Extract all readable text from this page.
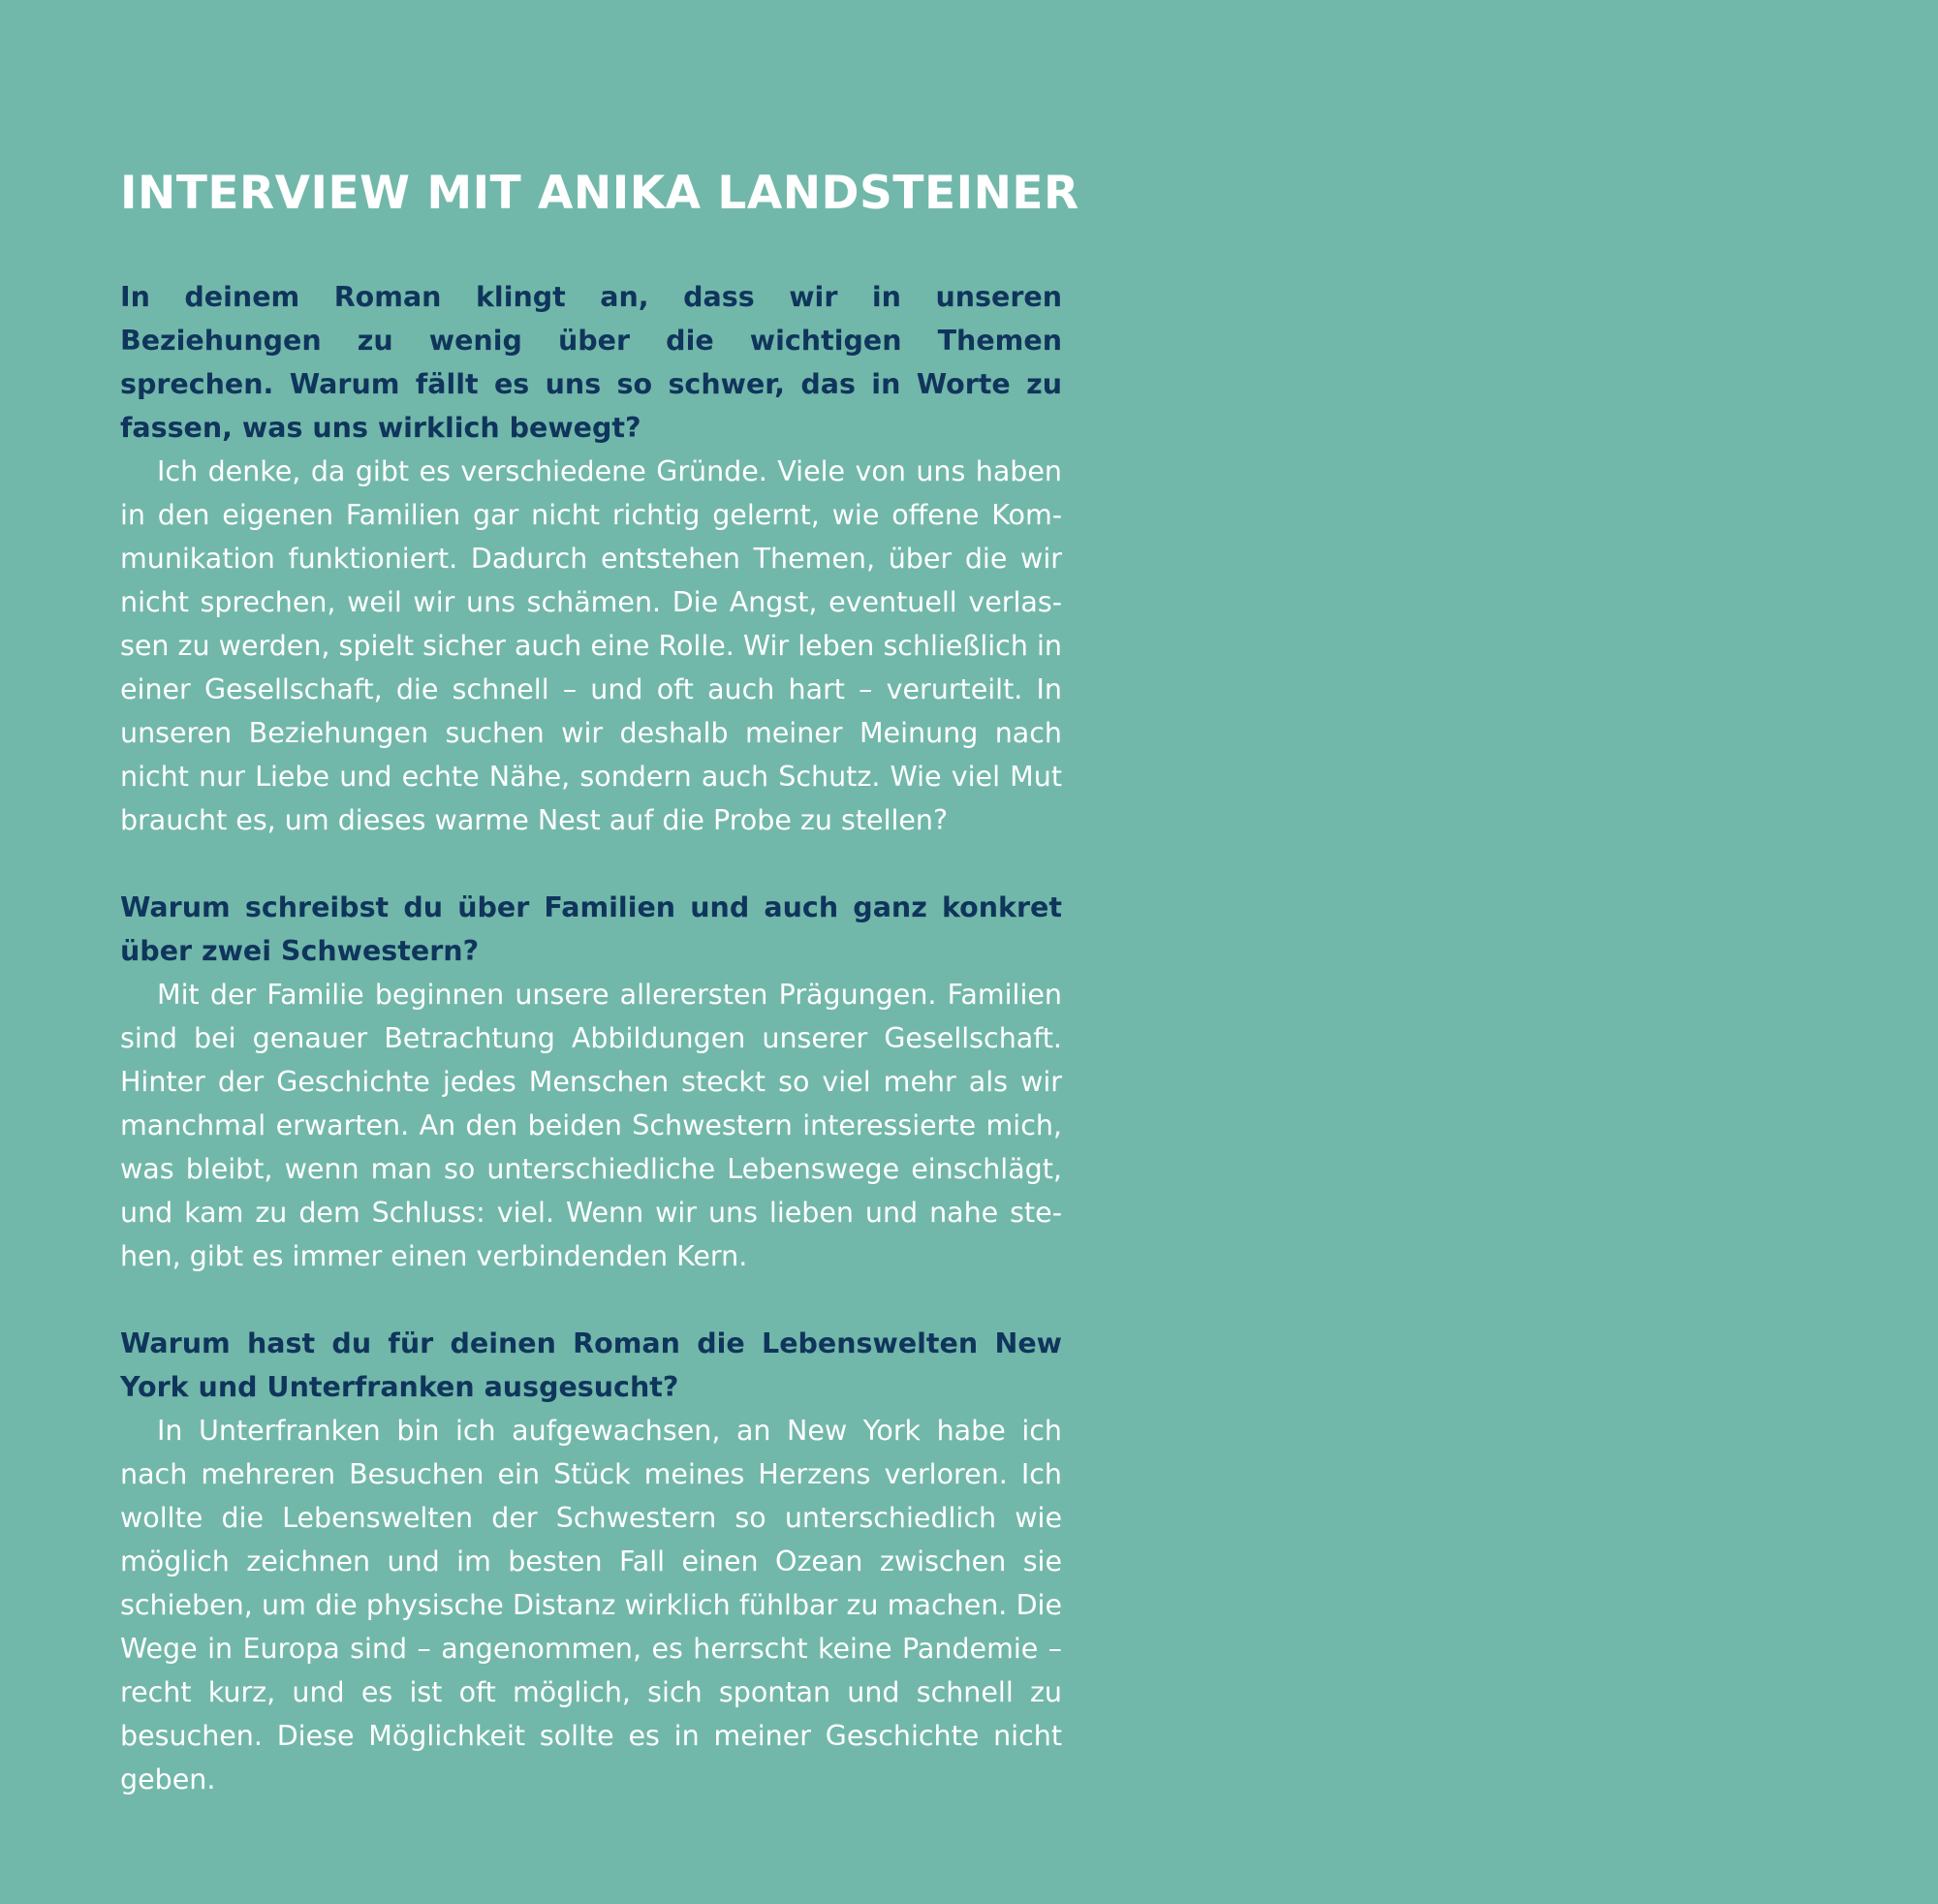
INTERVIEW MIT ANIKA LANDSTEINER

In deinem Roman klingt an, dass wir in unseren Beziehungen zu wenig über die wichtigen Themen sprechen. Warum fällt es uns so schwer, das in Worte zu fassen, was uns wirklich bewegt?

Ich denke, da gibt es verschiedene Gründe. Viele von uns haben in den eigenen Familien gar nicht richtig gelernt, wie offene Kommunikation funktioniert. Dadurch entstehen Themen, über die wir nicht sprechen, weil wir uns schämen. Die Angst, eventuell verlassen zu werden, spielt sicher auch eine Rolle. Wir leben schließlich in einer Gesellschaft, die schnell – und oft auch hart – verurteilt. In unseren Beziehungen suchen wir deshalb meiner Meinung nach nicht nur Liebe und echte Nähe, sondern auch Schutz. Wie viel Mut braucht es, um dieses warme Nest auf die Probe zu stellen?

Warum schreibst du über Familien und auch ganz konkret über zwei Schwestern?

Mit der Familie beginnen unsere allerersten Prägungen. Familien sind bei genauer Betrachtung Abbildungen unserer Gesellschaft. Hinter der Geschichte jedes Menschen steckt so viel mehr als wir manchmal erwarten. An den beiden Schwestern interessierte mich, was bleibt, wenn man so unterschiedliche Lebenswege einschlägt, und kam zu dem Schluss: viel. Wenn wir uns lieben und nahe stehen, gibt es immer einen verbindenden Kern.

Warum hast du für deinen Roman die Lebenswelten New York und Unterfranken ausgesucht?

In Unterfranken bin ich aufgewachsen, an New York habe ich nach mehreren Besuchen ein Stück meines Herzens verloren. Ich wollte die Lebenswelten der Schwestern so unterschiedlich wie möglich zeichnen und im besten Fall einen Ozean zwischen sie schieben, um die physische Distanz wirklich fühlbar zu machen. Die Wege in Europa sind – angenommen, es herrscht keine Pandemie – recht kurz, und es ist oft möglich, sich spontan und schnell zu besuchen. Diese Möglichkeit sollte es in meiner Geschichte nicht geben.
